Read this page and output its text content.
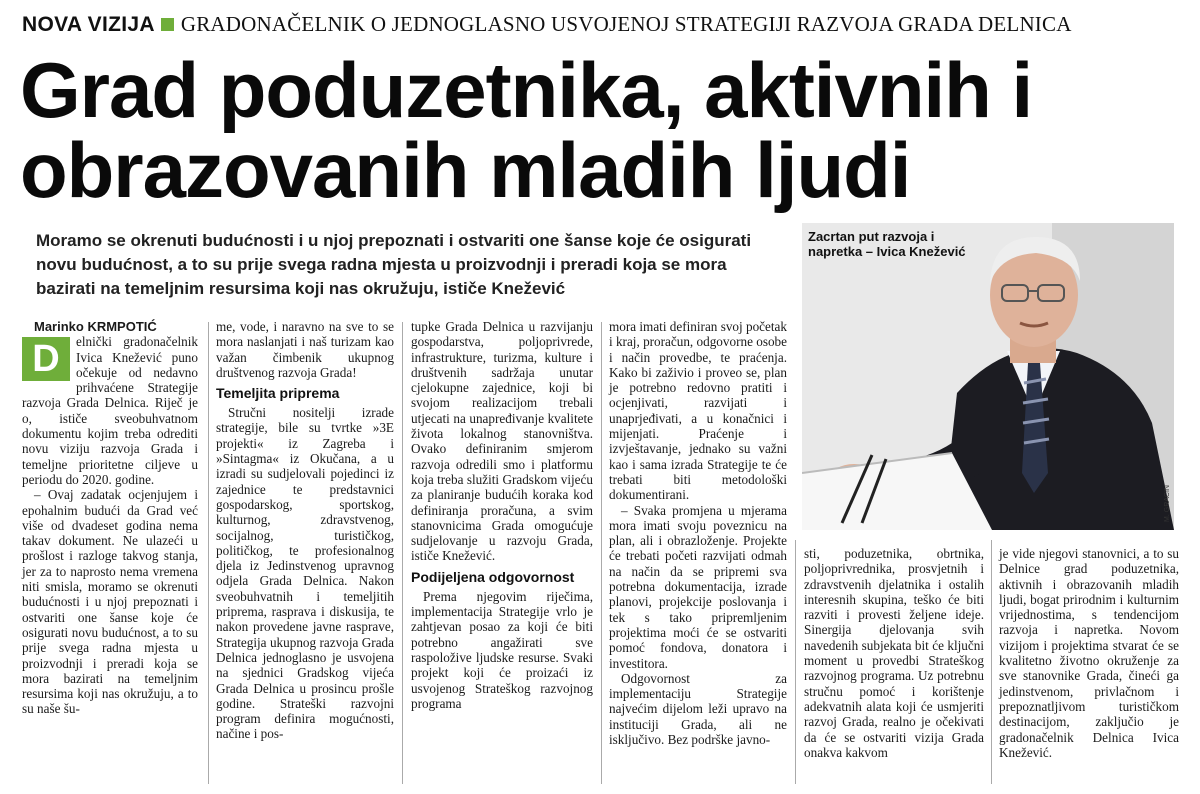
NOVA VIZIJA GRADONAČELNIK O JEDNOGLASNO USVOJENOJ STRATEGIJI RAZVOJA GRADA DELNICA
Grad poduzetnika, aktivnih i obrazovanih mladih ljudi

Moramo se okrenuti budućnosti i u njoj prepoznati i ostvariti one šanse koje će osigurati novu budućnost, a to su prije svega radna mjesta u proizvodnji i preradi koja se mora bazirati na temeljnim resursima koji nas okružuju, ističe Knežević

Zacrtan put razvoja i napretka – Ivica Knežević

M. GRACIN

Marinko KRMPOTIĆ

D	elnički gradonačelnik Ivica Knežević puno očekuje od nedavno prihvaćene Strategije razvoja Grada Delnica. Riječ je o, ističe sveobuhvatnom dokumentu kojim treba odrediti novu viziju razvoja Grada i temeljne prioritetne ciljeve u periodu do 2020. godine.

– Ovaj zadatak ocjenjujem i epohalnim budući da Grad već više od dvadeset godina nema takav dokument. Ne ulazeći u prošlost i razloge takvog stanja, jer za to naprosto nema vremena niti smisla, moramo se okrenuti budućnosti i u njoj prepoznati i ostvariti one šanse koje će osigurati novu budućnost, a to su prije svega radna mjesta u proizvodnji i preradi koja se mora bazirati na temeljnim resursima koji nas okružuju, a to su naše šu-

me, vode, i naravno na sve to se mora naslanjati i naš turizam kao važan čimbenik ukupnog društvenog razvoja Grada!

Temeljita priprema

Stručni nositelji izrade strategije, bile su tvrtke »3E projekti« iz Zagreba i »Sintagma« iz Okučana, a u izradi su sudjelovali pojedinci iz zajednice te predstavnici gospodarskog, sportskog, kulturnog, zdravstvenog, socijalnog, turističkog, političkog, te profesionalnog djela iz Jedinstvenog upravnog odjela Grada Delnica. Nakon sveobuhvatnih i temeljitih priprema, rasprava i diskusija, te nakon provedene javne rasprave, Strategija ukupnog razvoja Grada Delnica jednoglasno je usvojena na sjednici Gradskog vijeća Grada Delnica u prosincu prošle godine. Strateški razvojni program definira mogućnosti, načine i pos-

tupke Grada Delnica u razvijanju gospodarstva, poljoprivrede, infrastrukture, turizma, kulture i društvenih sadržaja unutar cjelokupne zajednice, koji bi svojom realizacijom trebali utjecati na unapređivanje kvalitete života lokalnog stanovništva. Ovako definiranim smjerom razvoja odredili smo i platformu koja treba služiti Gradskom vijeću za planiranje budućih koraka kod definiranja proračuna, a svim stanovnicima Grada omogućuje sudjelovanje u razvoju Grada, ističe Knežević.

Podijeljena odgovornost

Prema njegovim riječima, implementacija Strategije vrlo je zahtjevan posao za koji će biti potrebno angažirati sve raspoložive ljudske resurse. Svaki projekt koji će proizaći iz usvojenog Strateškog razvojnog programa

mora imati definiran svoj početak i kraj, proračun, odgovorne osobe i način provedbe, te praćenja. Kako bi zaživio i proveo se, plan je potrebno redovno pratiti i ocjenjivati, razvijati i unaprjeđivati, a u konačnici i mijenjati. Praćenje i izvještavanje, jednako su važni kao i sama izrada Strategije te će trebati biti metodološki dokumentirani.

– Svaka promjena u mjerama mora imati svoju poveznicu na plan, ali i obrazloženje. Projekte će trebati početi razvijati odmah na način da se pripremi sva potrebna dokumentacija, izrade planovi, projekcije poslovanja i tek s tako pripremljenim projektima moći će se ostvariti pomoć fondova, donatora i investitora.

Odgovornost za implementaciju Strategije najvećim dijelom leži upravo na instituciji Grada, ali ne isključivo. Bez podrške javno-

sti, poduzetnika, obrtnika, poljoprivrednika, prosvjetnih i zdravstvenih djelatnika i ostalih interesnih skupina, teško će biti razviti i provesti željene ideje. Sinergija djelovanja svih navedenih subjekata bit će ključni moment u provedbi Strateškog razvojnog programa. Uz potrebnu stručnu pomoć i korištenje adekvatnih alata koji će usmjeriti razvoj Grada, realno je očekivati da će se ostvariti vizija Grada onakva kakvom

je vide njegovi stanovnici, a to su Delnice grad poduzetnika, aktivnih i obrazovanih mladih ljudi, bogat prirodnim i kulturnim vrijednostima, s tendencijom razvoja i napretka. Novom vizijom i projektima stvarat će se kvalitetno životno okruženje za sve stanovnike Grada, čineći ga jedinstvenom, privlačnom i prepoznatljivom turističkom destinacijom, zaključio je gradonačelnik Delnica Ivica Knežević.
